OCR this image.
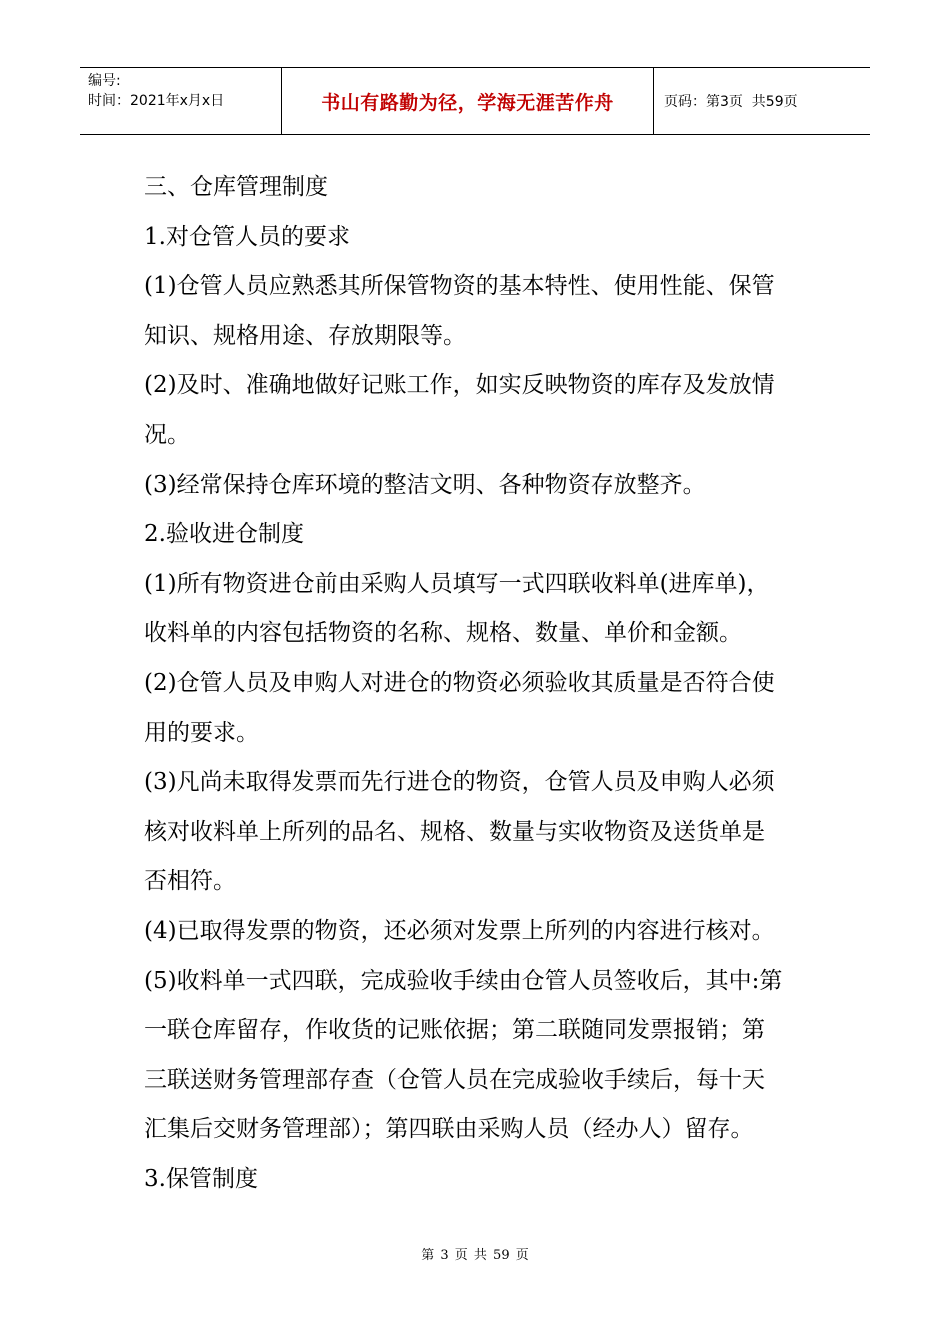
编号:
时间：2021年x月x日	书山有路勤为径，学海无涯苦作舟	页码：第3页  共59页

三、仓库管理制度

1.对仓管人员的要求

(1)仓管人员应熟悉其所保管物资的基本特性、使用性能、保管

知识、规格用途、存放期限等。

(2)及时、准确地做好记账工作，如实反映物资的库存及发放情

况。

(3)经常保持仓库环境的整洁文明、各种物资存放整齐。

2.验收进仓制度

(1)所有物资进仓前由采购人员填写一式四联收料单(进库单)，

收料单的内容包括物资的名称、规格、数量、单价和金额。

(2)仓管人员及申购人对进仓的物资必须验收其质量是否符合使

用的要求。

(3)凡尚未取得发票而先行进仓的物资，仓管人员及申购人必须

核对收料单上所列的品名、规格、数量与实收物资及送货单是

否相符。

(4)已取得发票的物资，还必须对发票上所列的内容进行核对。

(5)收料单一式四联，完成验收手续由仓管人员签收后，其中:第

一联仓库留存，作收货的记账依据；第二联随同发票报销；第

三联送财务管理部存查（仓管人员在完成验收手续后，每十天

汇集后交财务管理部）；第四联由采购人员（经办人）留存。

3.保管制度

第 3 页 共 59 页
